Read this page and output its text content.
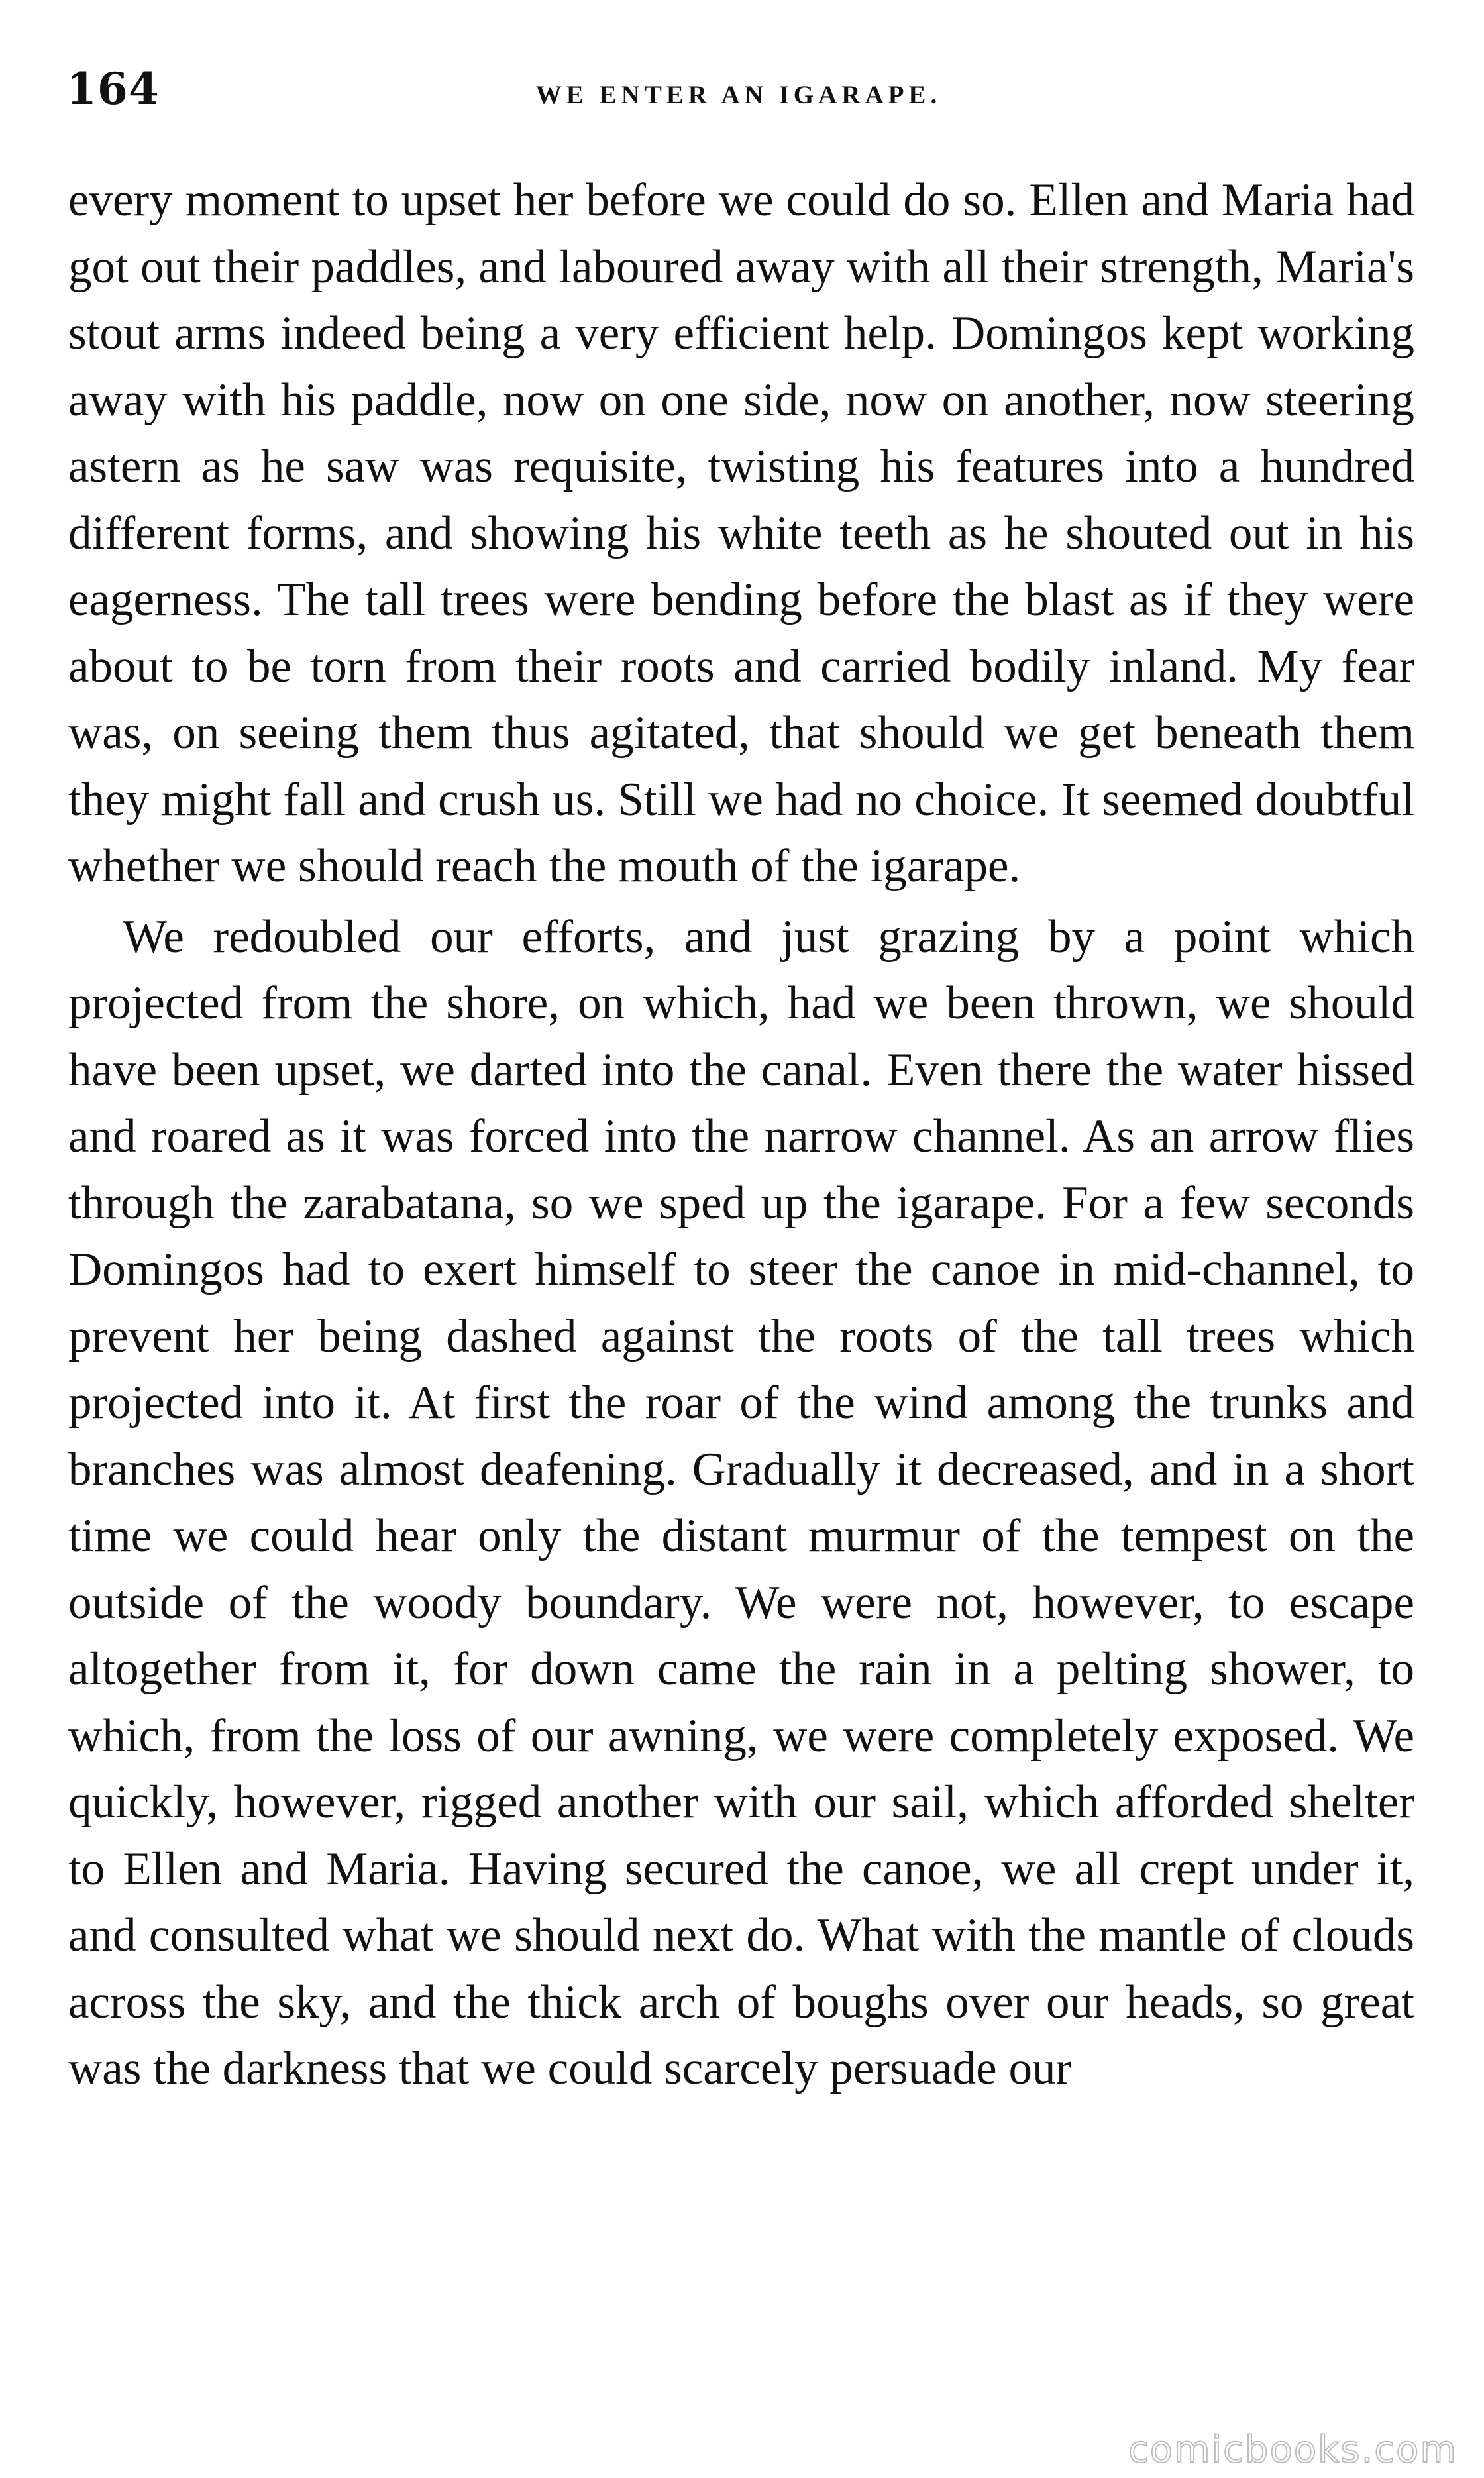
164	WE ENTER AN IGARAPE.

every moment to upset her before we could do so. Ellen and Maria had got out their paddles, and laboured away with all their strength, Maria's stout arms indeed being a very efficient help. Domingos kept working away with his paddle, now on one side, now on another, now steering astern as he saw was requisite, twisting his features into a hundred different forms, and showing his white teeth as he shouted out in his eagerness. The tall trees were bending before the blast as if they were about to be torn from their roots and carried bodily inland. My fear was, on seeing them thus agitated, that should we get beneath them they might fall and crush us. Still we had no choice. It seemed doubtful whether we should reach the mouth of the igarape.

We redoubled our efforts, and just grazing by a point which projected from the shore, on which, had we been thrown, we should have been upset, we darted into the canal. Even there the water hissed and roared as it was forced into the narrow channel. As an arrow flies through the zarabatana, so we sped up the igarape. For a few seconds Domingos had to exert himself to steer the canoe in mid-channel, to prevent her being dashed against the roots of the tall trees which projected into it. At first the roar of the wind among the trunks and branches was almost deafening. Gradually it decreased, and in a short time we could hear only the distant murmur of the tempest on the outside of the woody boundary. We were not, however, to escape altogether from it, for down came the rain in a pelting shower, to which, from the loss of our awning, we were completely exposed. We quickly, however, rigged another with our sail, which afforded shelter to Ellen and Maria. Having secured the canoe, we all crept under it, and consulted what we should next do. What with the mantle of clouds across the sky, and the thick arch of boughs over our heads, so great was the darkness that we could scarcely persuade our

comicbooks.com
